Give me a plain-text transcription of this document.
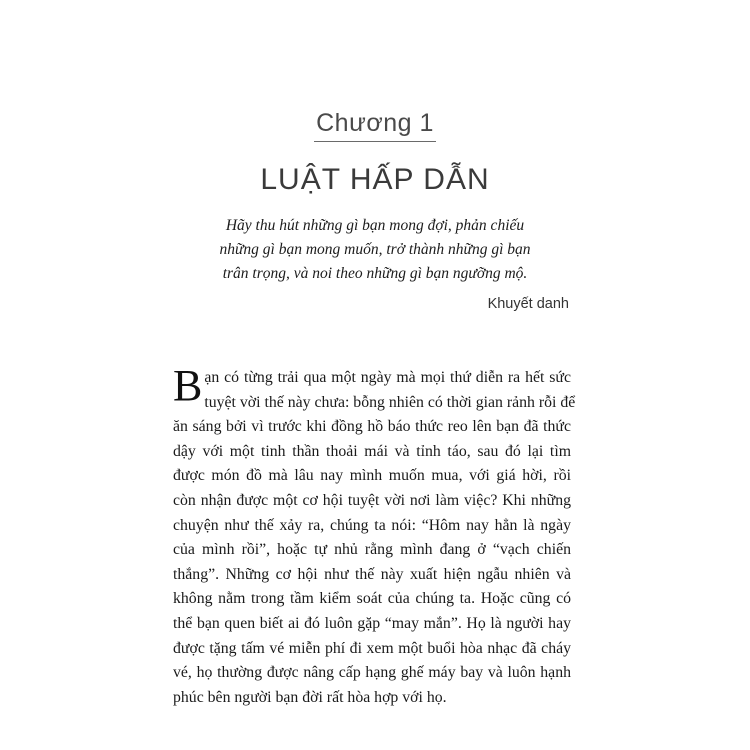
Chương 1
LUẬT HẤP DẪN
Hãy thu hút những gì bạn mong đợi, phản chiếu
những gì bạn mong muốn, trở thành những gì bạn
trân trọng, và noi theo những gì bạn ngưỡng mộ.
Khuyết danh
B ạn có từng trải qua một ngày mà mọi thứ diễn ra hết sức
tuyệt vời thế này chưa: bỗng nhiên có thời gian rảnh rỗi để
ăn sáng bởi vì trước khi đồng hồ báo thức reo lên bạn đã thức
dậy với một tinh thần thoải mái và tỉnh táo, sau đó lại tìm
được món đồ mà lâu nay mình muốn mua, với giá hời, rồi
còn nhận được một cơ hội tuyệt vời nơi làm việc? Khi những
chuyện như thế xảy ra, chúng ta nói: “Hôm nay hẳn là ngày
của mình rồi”, hoặc tự nhủ rằng mình đang ở “vạch chiến
thắng”. Những cơ hội như thế này xuất hiện ngẫu nhiên và
không nằm trong tầm kiểm soát của chúng ta. Hoặc cũng có
thể bạn quen biết ai đó luôn gặp “may mắn”. Họ là người hay
được tặng tấm vé miễn phí đi xem một buổi hòa nhạc đã cháy
vé, họ thường được nâng cấp hạng ghế máy bay và luôn hạnh
phúc bên người bạn đời rất hòa hợp với họ.
